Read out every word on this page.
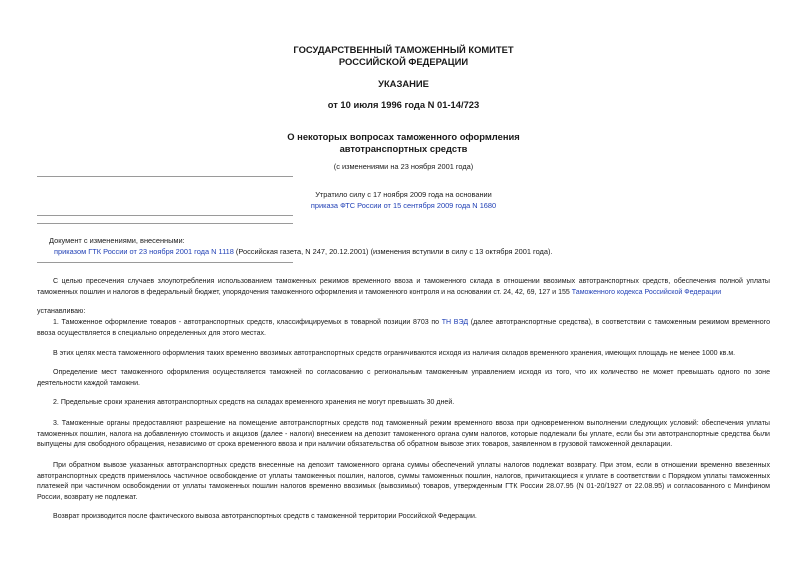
ГОСУДАРСТВЕННЫЙ ТАМОЖЕННЫЙ КОМИТЕТ
РОССИЙСКОЙ ФЕДЕРАЦИИ
УКАЗАНИЕ
от 10 июля 1996 года N 01-14/723
О некоторых вопросах таможенного оформления
автотранспортных средств
(с изменениями на 23 ноября 2001 года)
Утратило силу с 17 ноября 2009 года на основании
приказа ФТС России от 15 сентября 2009 года N 1680
Документ с изменениями, внесенными:
приказом ГТК России от 23 ноября 2001 года N 1118 (Российская газета, N 247, 20.12.2001) (изменения вступили в силу с 13 октября 2001 года).
С целью пресечения случаев злоупотребления использованием таможенных режимов временного ввоза и таможенного склада в отношении ввозимых автотранспортных средств, обеспечения полной уплаты таможенных пошлин и налогов в федеральный бюджет, упорядочения таможенного оформления и таможенного контроля и на основании ст. 24, 42, 69, 127 и 155 Таможенного кодекса Российской Федерации
устанавливаю:
1. Таможенное оформление товаров - автотранспортных средств, классифицируемых в товарной позиции 8703 по ТН ВЭД (далее автотранспортные средства), в соответствии с таможенным режимом временного ввоза осуществляется в специально определенных для этого местах.
В этих целях места таможенного оформления таких временно ввозимых автотранспортных средств ограничиваются исходя из наличия складов временного хранения, имеющих площадь не менее 1000 кв.м.
Определение мест таможенного оформления осуществляется таможней по согласованию с региональным таможенным управлением исходя из того, что их количество не может превышать одного по зоне деятельности каждой таможни.
2. Предельные сроки хранения автотранспортных средств на складах временного хранения не могут превышать 30 дней.
3. Таможенные органы предоставляют разрешение на помещение автотранспортных средств под таможенный режим временного ввоза при одновременном выполнении следующих условий: обеспечения уплаты таможенных пошлин, налога на добавленную стоимость и акцизов (далее - налоги) внесением на депозит таможенного органа сумм налогов, которые подлежали бы уплате, если бы эти автотранспортные средства были выпущены для свободного обращения, независимо от срока временного ввоза и при наличии обязательства об обратном вывозе этих товаров, заявленном в грузовой таможенной декларации.
При обратном вывозе указанных автотранспортных средств внесенные на депозит таможенного органа суммы обеспечений уплаты налогов подлежат возврату. При этом, если в отношении временно ввезенных автотранспортных средств применялось частичное освобождение от уплаты таможенных пошлин, налогов, суммы таможенных пошлин, налогов, причитающиеся к уплате в соответствии с Порядком уплаты таможенных платежей при частичном освобождении от уплаты таможенных пошлин налогов временно ввозимых (вывозимых) товаров, утвержденным ГТК России 28.07.95 (N 01-20/1927 от 22.08.95) и согласованного с Минфином России, возврату не подлежат.
Возврат производится после фактического вывоза автотранспортных средств с таможенной территории Российской Федерации.
